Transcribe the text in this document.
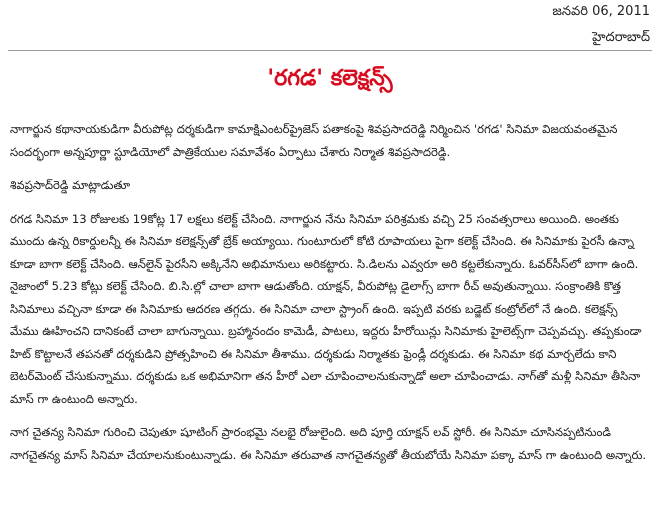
జనవరి 06, 2011
హైదరాబాద్
'రగడ' కలెక్షన్స్

నాగార్జున కథానాయకుడిగా వీరుపోట్ల దర్శకుడిగా కామాక్షిఎంటర్‌ప్రైజెస్ పతాకంపై శివప్రసాదరెడ్డి నిర్మించిన 'రగడ' సినిమా విజయవంతమైన సందర్భంగా అన్నపూర్ణా స్టూడియోలో పాత్రికేయుల సమావేశం ఏర్పాటు చేశారు నిర్మాత శివప్రసాదరెడ్డి.

శివప్రసాద్‌రెడ్డి మాట్లాడుతూ

రగడ సినిమా 13 రోజులకు 19కోట్ల 17 లక్షలు కలెక్ట్ చేసింది. నాగార్జున నేను సినిమా పరిశ్రమకు వచ్చి 25 సంవత్సరాలు అయింది. అంతకు ముందు ఉన్న రికార్డులన్నీ ఈ సినిమా కలెక్షన్స్‌తో బ్రేక్ అయ్యాయి. గుంటూరులో కోటి రూపాయలు పైగా కలెక్ట్ చేసింది. ఈ సినిమాకు పైరసీ ఉన్నా కూడా బాగా కలెక్ట్ చేసింది. ఆన్‌లైన్ పైరసీని అక్కినేని అభిమానులు అరికట్టారు. సి.డిలను ఎవ్వరూ అరి కట్టలేకున్నారు. ఓవర్‌సీస్‌లో బాగా ఉంది. నైజాంలో 5.23 కోట్లు కలెక్ట్ చేసింది. బి.సి.ల్లో చాలా బాగా ఆడుతోంది. యాక్షన్, వీరుపోట్ల డైలాగ్స్ బాగా రీచ్ అవుతున్నాయి. సంక్రాంతికి కొత్త సినిమాలు వచ్చినా కూడా ఈ సినిమాకు ఆదరణ తగ్గదు. ఈ సినిమా చాలా స్ట్రాంగ్ ఉంది. ఇప్పటి వరకు బడ్జెట్ కంట్రోల్‌లో నే ఉంది. కలెక్షన్స్ మేము ఊహించని దానికంటే చాలా బాగున్నాయి. బ్రహ్మానందం కామెడీ, పాటలు, ఇద్దరు హీరోయిన్లు సినిమాకు హైలెట్స్‌గా చెప్పవచ్చు. తప్పకుండా హిట్ కొట్టాలనే తపనతో దర్శకుడిని ప్రోత్సహించి ఈ సినిమా తీశాము. దర్శకుడు నిర్మాతకు ఫ్రెండ్లీ దర్శకుడు. ఈ సినిమా కథ మార్చలేదు కాని బెటర్‌మెంట్ చేసుకున్నాము. దర్శకుడు ఒక అభిమానిగా తన హీరో ఎలా చూపించాలనుకున్నాడో అలా చూపించాడు. నాగ్‌తో మళ్లీ సినిమా తీసినా మాస్ గా ఉంటుంది అన్నారు.

నాగ చైతన్య సినిమా గురించి చెపుతూ షూటింగ్ ప్రారంభమై నలభై రోజులైంది. అది పూర్తి యాక్షన్ లవ్ స్టోరీ. ఈ సినిమా చూసినప్పటినుండి నాగచైతన్య మాస్ సినిమా చేయాలనుకుంటున్నాడు. ఈ సినిమా తరువాత నాగచైతన్యతో తీయబోయే సినిమా పక్కా మాస్ గా ఉంటుంది అన్నారు.
